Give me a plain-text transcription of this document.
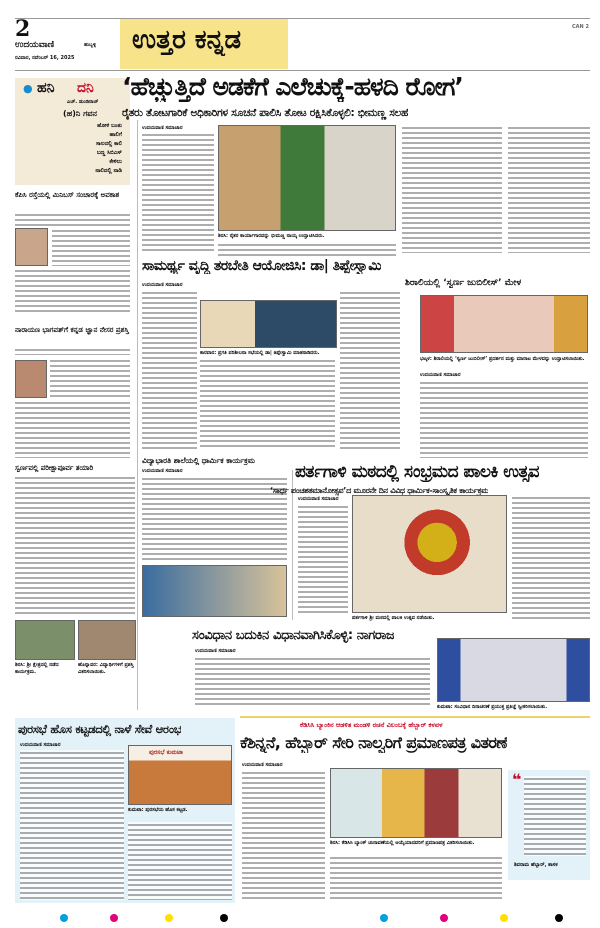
2
ಉದಯವಾಣಿ	ಹುಬ್ಬಳ್ಳಿ
ರವಿವಾರ, ನವೆಂಬರ್ 16, 2025
ಉತ್ತರ ಕನ್ನಡ	CAN 2
● ಹನಿ ದನಿ
ಎಚ್. ಡುಂಡಿರಾಜ್
(ಹ)ನಿ ಗವನ
ಹೋಳಿ ಬಂತು
ಹಾಲಿಗೆ
ಸಾಲದಲ್ಲಿ ಕಾಲಿ
ಬಣ್ಣ ಸಿಬಿಎಸ್
ಕೇಳಿಲು
ನಾಲಿದಲ್ಲಿ ನಾಡಿ
ಕೆಪಿಸಿ ರಸ್ತೆಯಲ್ಲಿ ಮಿನಿಬಸ್ ಸಂಚಾರಕ್ಕೆ ಅವಕಾಶ
ನಾರಾಯಣ ಭಾಗವತ್‌ಗೆ ಕನ್ನಡ ಜ್ಞಾನ ನೇಸರ ಪ್ರಶಸ್ತಿ
ಸ್ವರ್ಣವಲ್ಲಿ ಪರೀಕ್ಷಾಪೂರ್ವ ತಯಾರಿ
ಶಿರಸಿ: ಶ್ರೀ ಕ್ಷೇತ್ರದಲ್ಲಿ ನಡೆದ ಕಾರ್ಯಕ್ರಮ.
ಹೊನ್ನಾವರ: ವಿದ್ಯಾರ್ಥಿಗಳಿಗೆ ಪ್ರಶಸ್ತಿ ವಿತರಿಸಲಾಯಿತು.
‘ಹೆಚ್ಚುತ್ತಿದೆ ಅಡಕೆಗೆ ಎಲೆಚುಕ್ಕೆ-ಹಳದಿ ರೋಗ’
ರೈತರು ತೋಟಗಾರಿಕೆ ಅಧಿಕಾರಿಗಳ ಸೂಚನೆ ಪಾಲಿಸಿ ತೋಟ ರಕ್ಷಿಸಿಕೊಳ್ಳಲಿ: ಭೀಮಣ್ಣ ಸಲಹೆ
ಉದಯವಾಣಿ ಸಮಾಚಾರ
ಶಿರಸಿ: ರೈತರ ಕಾರ್ಯಾಗಾರವನ್ನು ಭೀಮಣ್ಣ ನಾಯ್ಕ ಉದ್ಘಾಟಿಸಿದರು.
ಸಾಮರ್ಥ್ಯ ವೃದ್ಧಿ ತರಬೇತಿ ಆಯೋಜಿಸಿ: ಡಾ| ತಿಪ್ಪೇಸ್ವಾಮಿ
ಉದಯವಾಣಿ ಸಮಾಚಾರ
ಕಾರವಾರ: ಪ್ರಗತಿ ಪರಿಶೀಲನಾ ಸಭೆಯಲ್ಲಿ ಡಾ| ತಿಪ್ಪೇಸ್ವಾಮಿ ಮಾತನಾಡಿದರು.
ಶಿರಾಲಿಯಲ್ಲಿ ‘ಸ್ವರ್ಣ ಜುಬಿಲೀಸ್’ ಮೇಳ
ಭಟ್ಕಳ: ಶಿರಾಲಿಯಲ್ಲಿ ‘ಸ್ವರ್ಣ ಜುಬಿಲೀಸ್’ ಪ್ರದರ್ಶನ ಮತ್ತು ಮಾರಾಟ ಮೇಳವನ್ನು ಉದ್ಘಾಟಿಸಲಾಯಿತು.
ಉದಯವಾಣಿ ಸಮಾಚಾರ
ವಿದ್ಯಾಭಾರತಿ ಶಾಲೆಯಲ್ಲಿ ಧಾರ್ಮಿಕ ಕಾರ್ಯಕ್ರಮ
ಉದಯವಾಣಿ ಸಮಾಚಾರ	ಪರ್ತಗಾಳಿ ಮಠದಲ್ಲಿ ಸಂಭ್ರಮದ ಪಾಲಕಿ ಉತ್ಸವ
‘ಸಾರ್ಧ ಪಂಚಶತಮಾನೋತ್ಸವ’ದ ಮೂರನೇ ದಿನ ವಿವಿಧ ಧಾರ್ಮಿಕ-ಸಾಂಸ್ಕೃತಿಕ ಕಾರ್ಯಕ್ರಮ
ಉದಯವಾಣಿ ಸಮಾಚಾರ
ಪರ್ತಗಾಳಿ ಶ್ರೀ ಮಠದಲ್ಲಿ ಪಾಲಕಿ ಉತ್ಸವ ನಡೆಯಿತು.
ಸಂವಿಧಾನ ಬದುಕಿನ ವಿಧಾನವಾಗಿಸಿಕೊಳ್ಳಿ: ನಾಗರಾಜ
ಉದಯವಾಣಿ ಸಮಾಚಾರ
ಕುಮಟಾ: ಸಂವಿಧಾನ ದಿನಾಚರಣೆ ಪ್ರಯುಕ್ತ ಪ್ರತಿಜ್ಞೆ ಸ್ವೀಕರಿಸಲಾಯಿತು.
ಪುರಸಭೆ ಹೊಸ ಕಟ್ಟಡದಲ್ಲಿ ನಾಳೆ ಸೇವೆ ಆರಂಭ
ಉದಯವಾಣಿ ಸಮಾಚಾರ
ಪುರಸಭೆ ಕುಮಟಾ
ಕುಮಟಾ: ಪುರಸಭೆಯ ಹೊಸ ಕಟ್ಟಡ.
ಕೆಡಿಸಿಸಿ ಬ್ಯಾಂಕಿನ ಆಡಳಿತ ಮಂಡಳಿ ರಚನೆ ವಿಲಂಬಕ್ಕೆ ಹೆಬ್ಬಾರ್ ಕಳವಳ
ಕೆಶಿನ್ನನೆ, ಹೆಬ್ಬಾರ್ ಸೇರಿ ನಾಲ್ವರಿಗೆ ಪ್ರಮಾಣಪತ್ರ ವಿತರಣೆ
ಉದಯವಾಣಿ ಸಮಾಚಾರ
ಶಿರಸಿ: ಕೆಡಿಸಿಸಿ ಬ್ಯಾಂಕ್ ಚುನಾವಣೆಯಲ್ಲಿ ಆಯ್ಕೆಯಾದವರಿಗೆ ಪ್ರಮಾಣಪತ್ರ ವಿತರಿಸಲಾಯಿತು.
❝
ಶಿವರಾಮ ಹೆಬ್ಬಾರ್, ಶಾಸಕ
